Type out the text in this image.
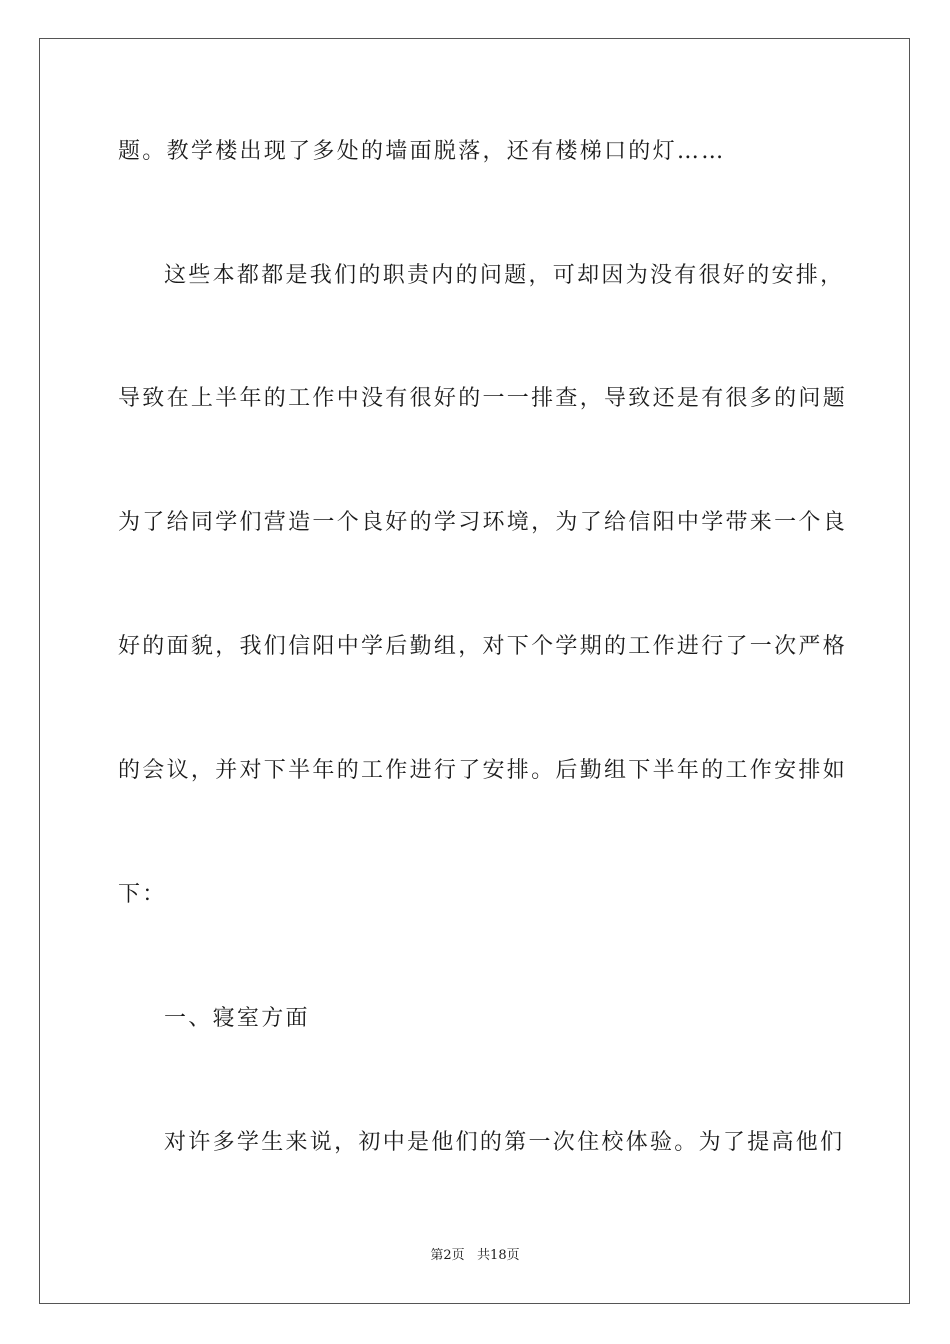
题。教学楼出现了多处的墙面脱落，还有楼梯口的灯……
这些本都都是我们的职责内的问题，可却因为没有很好的安排，
导致在上半年的工作中没有很好的一一排查，导致还是有很多的问题
为了给同学们营造一个良好的学习环境，为了给信阳中学带来一个良
好的面貌，我们信阳中学后勤组，对下个学期的工作进行了一次严格
的会议，并对下半年的工作进行了安排。后勤组下半年的工作安排如
下：
一、寝室方面
对许多学生来说，初中是他们的第一次住校体验。为了提高他们
第2页   共18页
